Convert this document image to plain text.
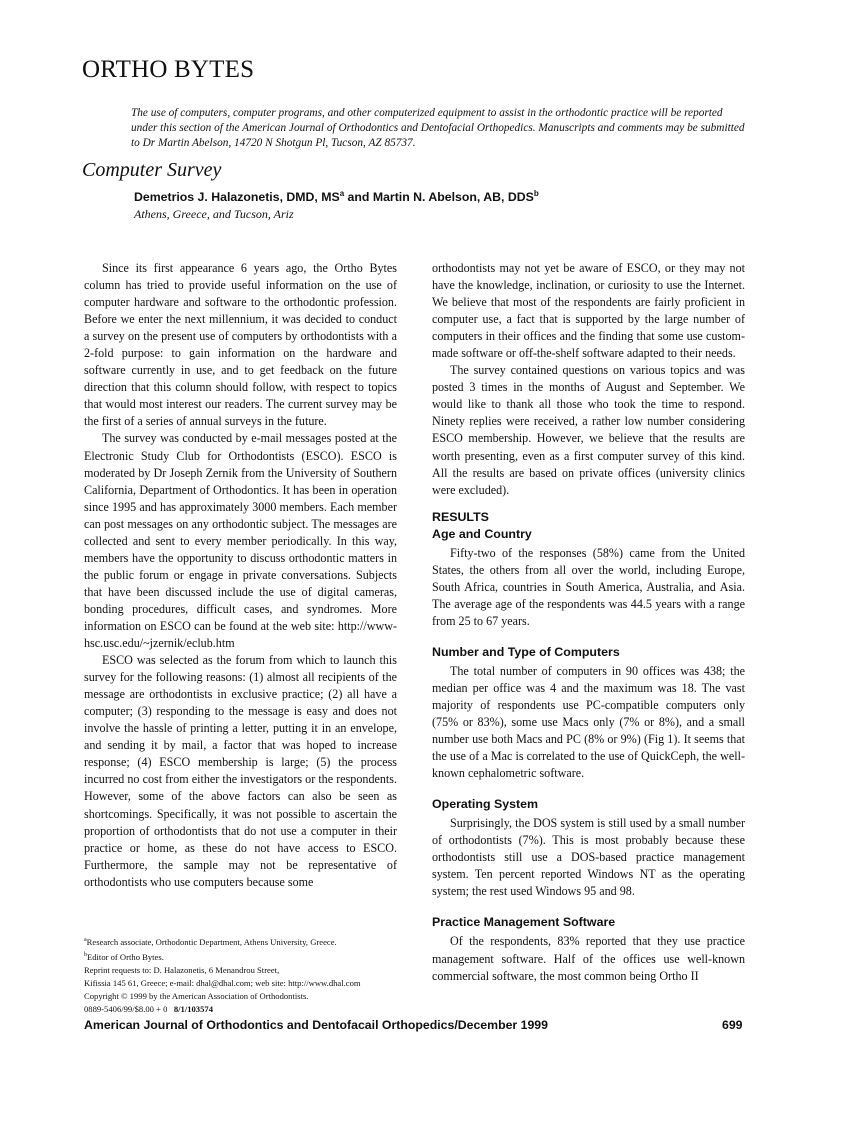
ORTHO BYTES
The use of computers, computer programs, and other computerized equipment to assist in the orthodontic practice will be reported under this section of the American Journal of Orthodontics and Dentofacial Orthopedics. Manuscripts and comments may be submitted to Dr Martin Abelson, 14720 N Shotgun Pl, Tucson, AZ 85737.
Computer Survey
Demetrios J. Halazonetis, DMD, $MS^a$ and Martin N. Abelson, AB, DDS$^b$
Athens, Greece, and Tucson, Ariz

Since its first appearance 6 years ago, the Ortho Bytes column has tried to provide useful information on the use of computer hardware and software to the orthodontic profession. Before we enter the next millennium, it was decided to conduct a survey on the present use of computers by orthodontists with a 2-fold purpose: to gain information on the hardware and software currently in use, and to get feedback on the future direction that this column should follow, with respect to topics that would most interest our readers. The current survey may be the first of a series of annual surveys in the future.

The survey was conducted by e-mail messages posted at the Electronic Study Club for Orthodontists (ESCO). ESCO is moderated by Dr Joseph Zernik from the University of Southern California, Department of Orthodontics. It has been in operation since 1995 and has approximately 3000 members. Each member can post messages on any orthodontic subject. The messages are collected and sent to every member periodically. In this way, members have the opportunity to discuss orthodontic matters in the public forum or engage in private conversations. Subjects that have been discussed include the use of digital cameras, bonding procedures, difficult cases, and syndromes. More information on ESCO can be found at the web site: http://www-hsc.usc.edu/~jzernik/eclub.htm

ESCO was selected as the forum from which to launch this survey for the following reasons: (1) almost all recipients of the message are orthodontists in exclusive practice; (2) all have a computer; (3) responding to the message is easy and does not involve the hassle of printing a letter, putting it in an envelope, and sending it by mail, a factor that was hoped to increase response; (4) ESCO membership is large; (5) the process incurred no cost from either the investigators or the respondents. However, some of the above factors can also be seen as shortcomings. Specifically, it was not possible to ascertain the proportion of orthodontists that do not use a computer in their practice or home, as these do not have access to ESCO. Furthermore, the sample may not be representative of orthodontists who use computers because some

orthodontists may not yet be aware of ESCO, or they may not have the knowledge, inclination, or curiosity to use the Internet. We believe that most of the respondents are fairly proficient in computer use, a fact that is supported by the large number of computers in their offices and the finding that some use custom-made software or off-the-shelf software adapted to their needs.

The survey contained questions on various topics and was posted 3 times in the months of August and September. We would like to thank all those who took the time to respond. Ninety replies were received, a rather low number considering ESCO membership. However, we believe that the results are worth presenting, even as a first computer survey of this kind. All the results are based on private offices (university clinics were excluded).

RESULTS
Age and Country

Fifty-two of the responses (58%) came from the United States, the others from all over the world, including Europe, South Africa, countries in South America, Australia, and Asia. The average age of the respondents was 44.5 years with a range from 25 to 67 years.

Number and Type of Computers

The total number of computers in 90 offices was 438; the median per office was 4 and the maximum was 18. The vast majority of respondents use PC-compatible computers only (75% or 83%), some use Macs only (7% or 8%), and a small number use both Macs and PC (8% or 9%) (Fig 1). It seems that the use of a Mac is correlated to the use of QuickCeph, the well-known cephalometric software.

Operating System

Surprisingly, the DOS system is still used by a small number of orthodontists (7%). This is most probably because these orthodontists still use a DOS-based practice management system. Ten percent reported Windows NT as the operating system; the rest used Windows 95 and 98.

Practice Management Software

Of the respondents, 83% reported that they use practice management software. Half of the offices use well-known commercial software, the most common being Ortho II

$^a$Research associate, Orthodontic Department, Athens University, Greece.
$^b$Editor of Ortho Bytes.
Reprint requests to: D. Halazonetis, 6 Menandrou Street,
Kifissia 145 61, Greece; e-mail: dhal@dhal.com; web site: http://www.dhal.com
Copyright © 1999 by the American Association of Orthodontists.
0889-5406/99/$8.00 + 0 8/1/103574
American Journal of Orthodontics and Dentofacail Orthopedics/December 1999	699
